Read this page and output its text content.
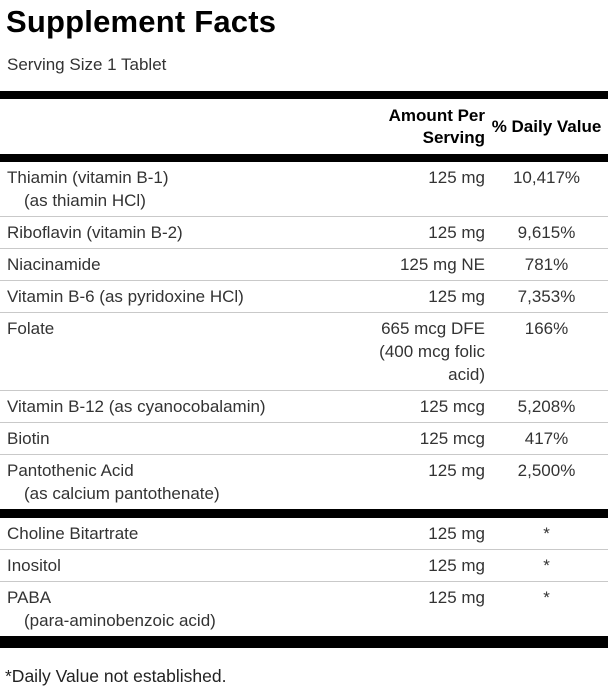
Supplement Facts
Serving Size 1 Tablet
	Amount Per Serving	% Daily Value
Thiamin (vitamin B-1)
(as thiamin HCl)	125 mg	10,417%

Riboflavin (vitamin B-2)	125 mg	9,615%

Niacinamide	125 mg NE	781%

Vitamin B-6 (as pyridoxine HCl)	125 mg	7,353%

Folate	665 mcg DFE (400 mcg folic acid)	166%

Vitamin B-12 (as cyanocobalamin)	125 mcg	5,208%

Biotin	125 mcg	417%

Pantothenic Acid
(as calcium pantothenate)	125 mg	2,500%
Choline Bitartrate	125 mg	*

Inositol	125 mg	*

PABA
(para-aminobenzoic acid)	125 mg	*
*Daily Value not established.
